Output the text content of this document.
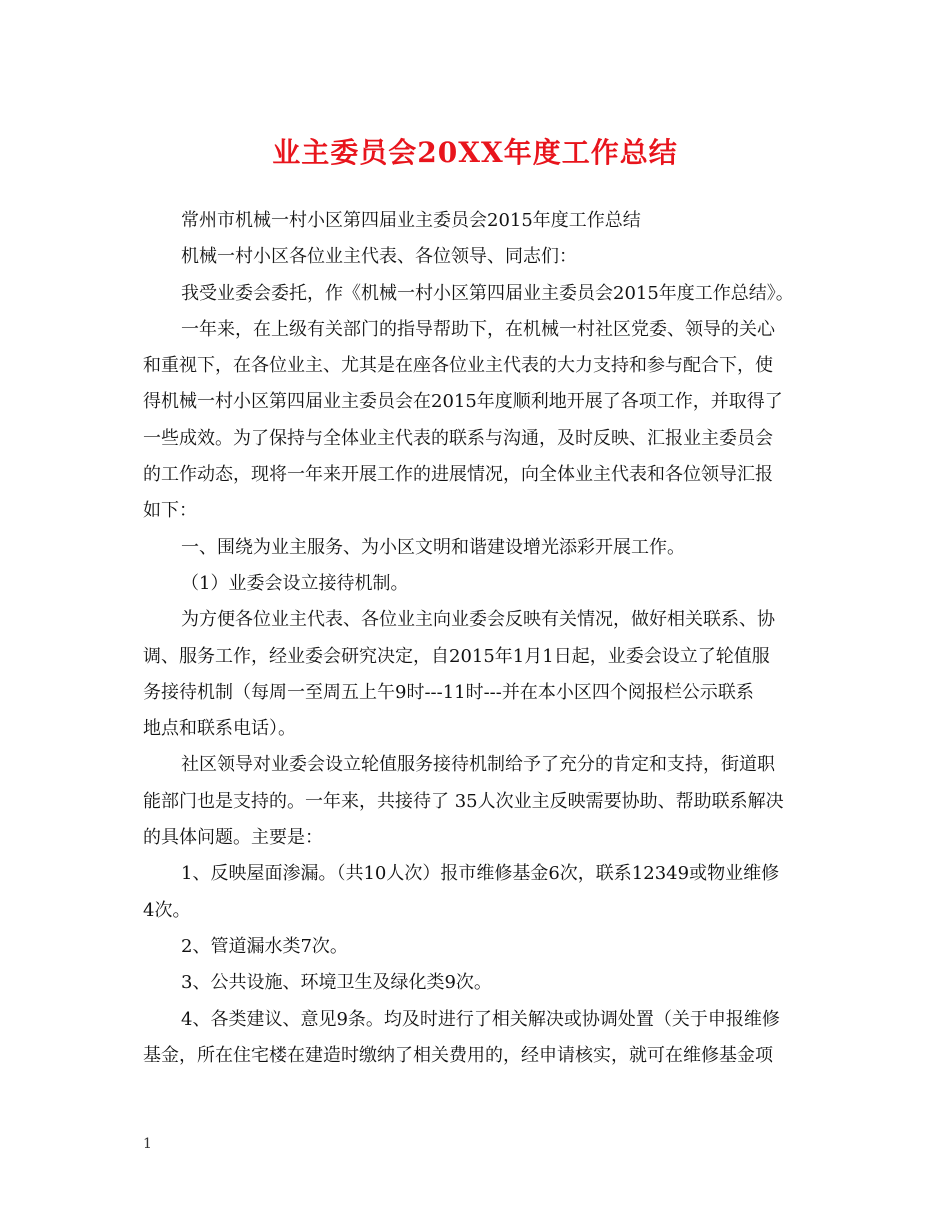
业主委员会20XX年度工作总结
常州市机械一村小区第四届业主委员会2015年度工作总结
机械一村小区各位业主代表、各位领导、同志们：
我受业委会委托，作《机械一村小区第四届业主委员会2015年度工作总结》。
一年来，在上级有关部门的指导帮助下，在机械一村社区党委、领导的关心
和重视下，在各位业主、尤其是在座各位业主代表的大力支持和参与配合下，使
得机械一村小区第四届业主委员会在2015年度顺利地开展了各项工作，并取得了
一些成效。为了保持与全体业主代表的联系与沟通，及时反映、汇报业主委员会
的工作动态，现将一年来开展工作的进展情况，向全体业主代表和各位领导汇报
如下：
一、围绕为业主服务、为小区文明和谐建设增光添彩开展工作。
（1）业委会设立接待机制。
为方便各位业主代表、各位业主向业委会反映有关情况，做好相关联系、协
调、服务工作，经业委会研究决定，自2015年1月1日起，业委会设立了轮值服
务接待机制（每周一至周五上午9时---11时---并在本小区四个阅报栏公示联系
地点和联系电话）。
社区领导对业委会设立轮值服务接待机制给予了充分的肯定和支持，街道职
能部门也是支持的。一年来，共接待了 35人次业主反映需要协助、帮助联系解决
的具体问题。主要是：
1、反映屋面渗漏。（共10人次）报市维修基金6次，联系12349或物业维修
4次。
2、管道漏水类7次。
3、公共设施、环境卫生及绿化类9次。
4、各类建议、意见9条。均及时进行了相关解决或协调处置（关于申报维修
基金，所在住宅楼在建造时缴纳了相关费用的，经申请核实，就可在维修基金项
1
